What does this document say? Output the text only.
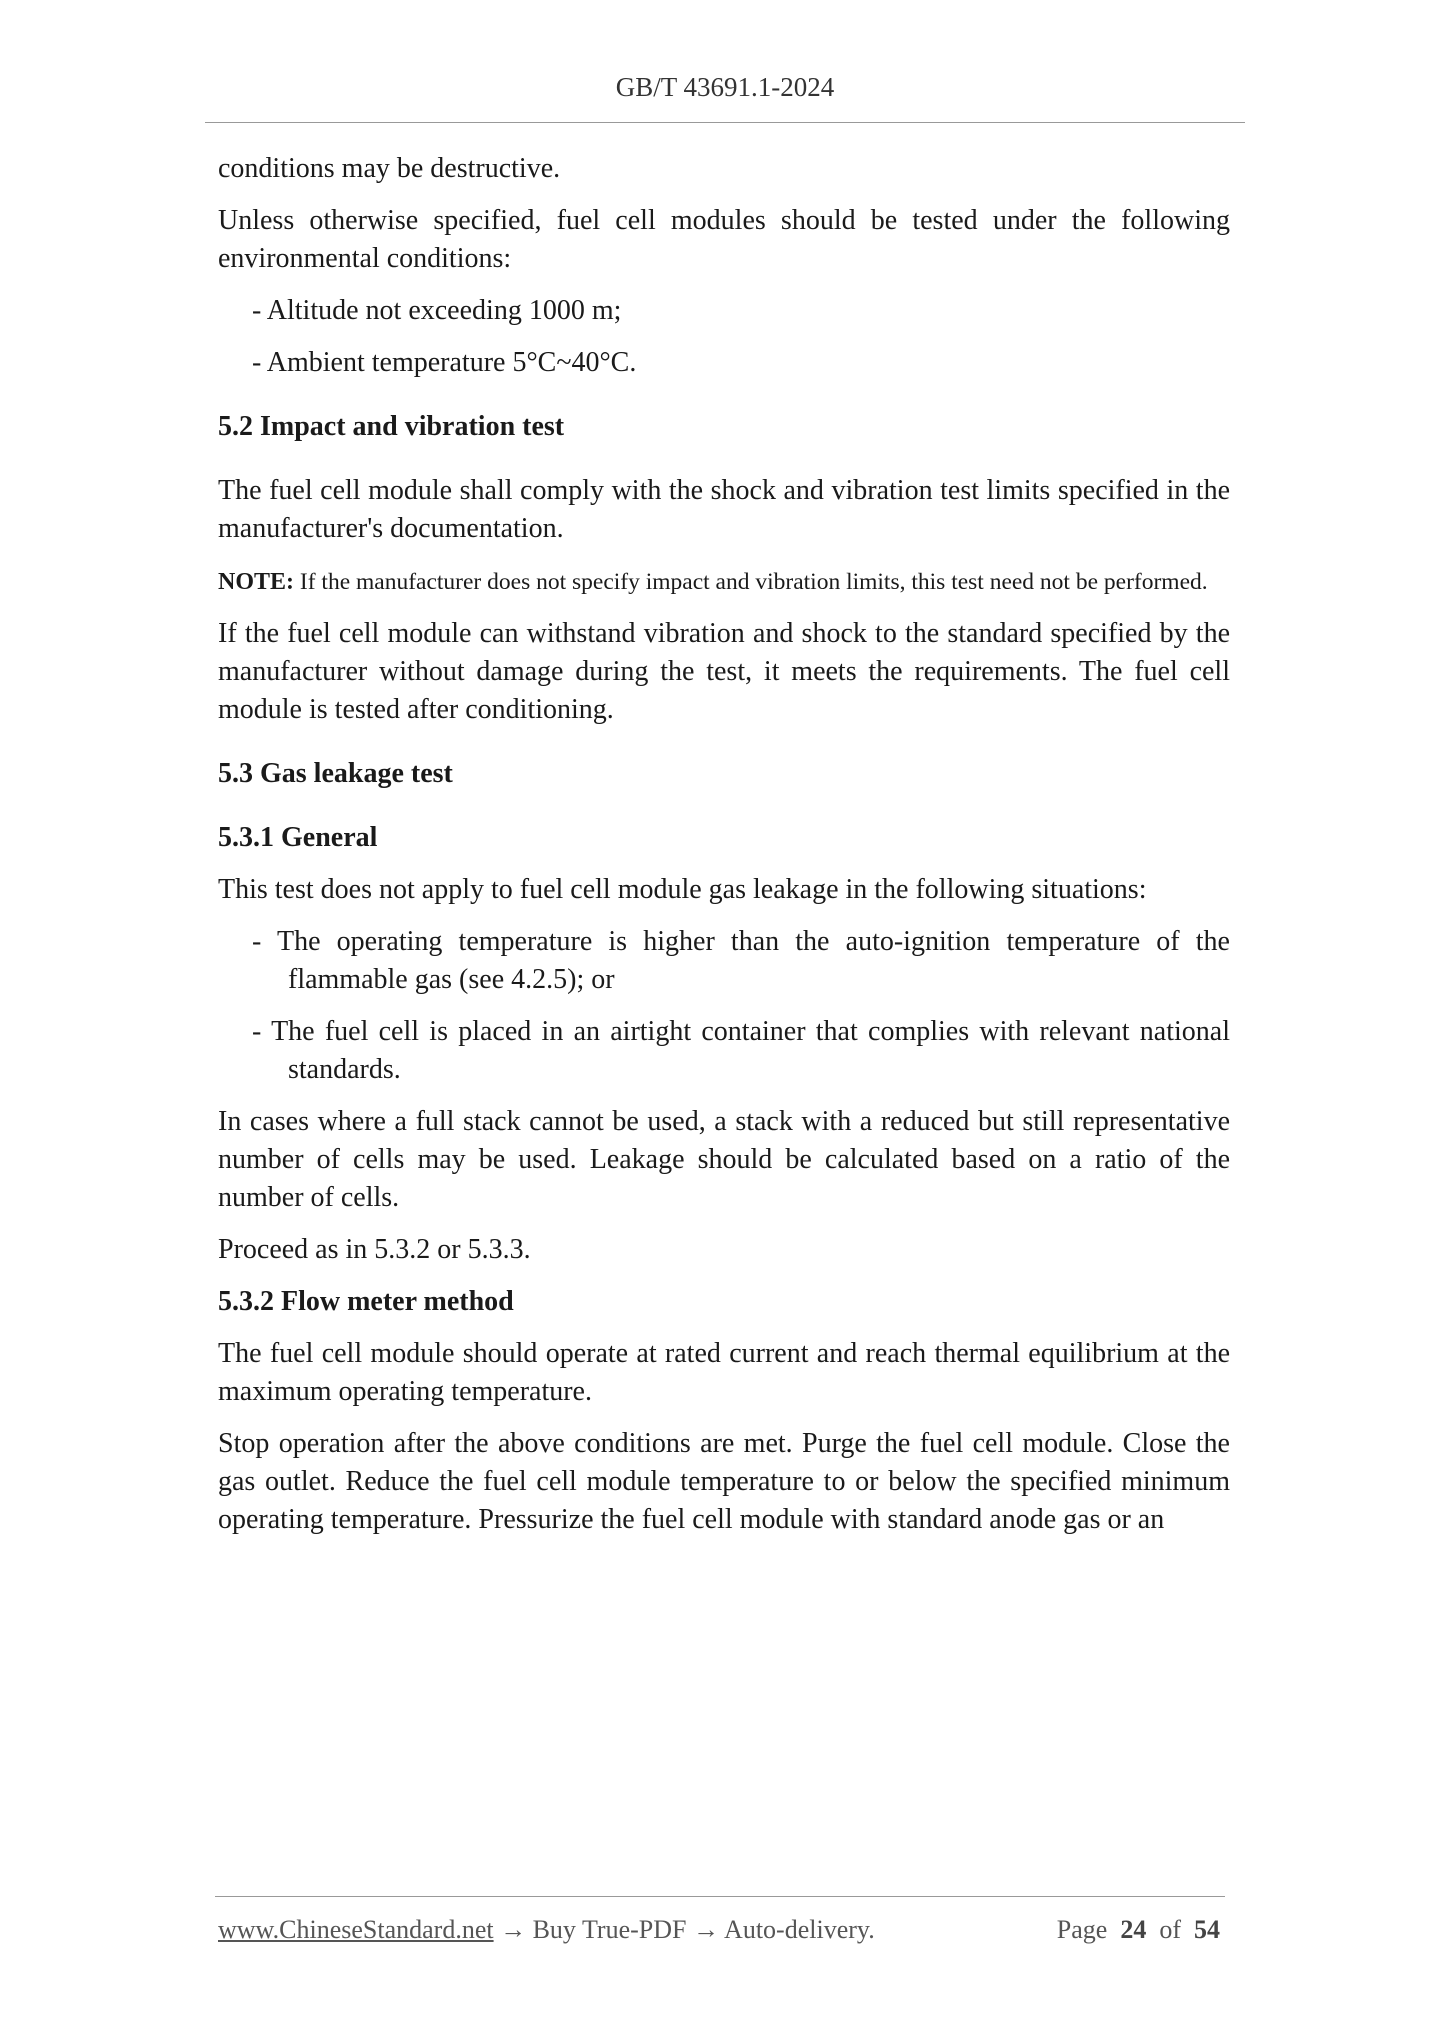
GB/T 43691.1-2024

conditions may be destructive.

Unless otherwise specified, fuel cell modules should be tested under the following environmental conditions:

- Altitude not exceeding 1000 m;

- Ambient temperature 5°C~40°C.

5.2 Impact and vibration test

The fuel cell module shall comply with the shock and vibration test limits specified in the manufacturer's documentation.

NOTE: If the manufacturer does not specify impact and vibration limits, this test need not be performed.

If the fuel cell module can withstand vibration and shock to the standard specified by the manufacturer without damage during the test, it meets the requirements. The fuel cell module is tested after conditioning.

5.3 Gas leakage test

5.3.1 General

This test does not apply to fuel cell module gas leakage in the following situations:

- The operating temperature is higher than the auto-ignition temperature of the flammable gas (see 4.2.5); or

- The fuel cell is placed in an airtight container that complies with relevant national standards.

In cases where a full stack cannot be used, a stack with a reduced but still representative number of cells may be used. Leakage should be calculated based on a ratio of the number of cells.

Proceed as in 5.3.2 or 5.3.3.

5.3.2 Flow meter method

The fuel cell module should operate at rated current and reach thermal equilibrium at the maximum operating temperature.

Stop operation after the above conditions are met. Purge the fuel cell module. Close the gas outlet. Reduce the fuel cell module temperature to or below the specified minimum operating temperature. Pressurize the fuel cell module with standard anode gas or an

www.ChineseStandard.net → Buy True-PDF → Auto-delivery.	Page 24 of 54
